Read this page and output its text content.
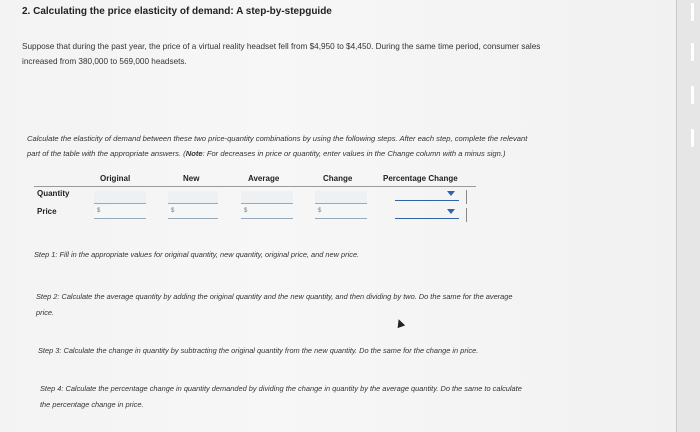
2. Calculating the price elasticity of demand: A step-by-stepguide
Suppose that during the past year, the price of a virtual reality headset fell from $4,950 to $4,450. During the same time period, consumer sales
increased from 380,000 to 569,000 headsets.
Calculate the elasticity of demand between these two price-quantity combinations by using the following steps. After each step, complete the relevant
part of the table with the appropriate answers. (Note: For decreases in price or quantity, enter values in the Change column with a minus sign.)
Original	New	Average	Change	Percentage Change
Quantity
Price	$	$	$	$
Step 1: Fill in the appropriate values for original quantity, new quantity, original price, and new price.
Step 2: Calculate the average quantity by adding the original quantity and the new quantity, and then dividing by two. Do the same for the average
price.
Step 3: Calculate the change in quantity by subtracting the original quantity from the new quantity. Do the same for the change in price.
Step 4: Calculate the percentage change in quantity demanded by dividing the change in quantity by the average quantity. Do the same to calculate
the percentage change in price.
